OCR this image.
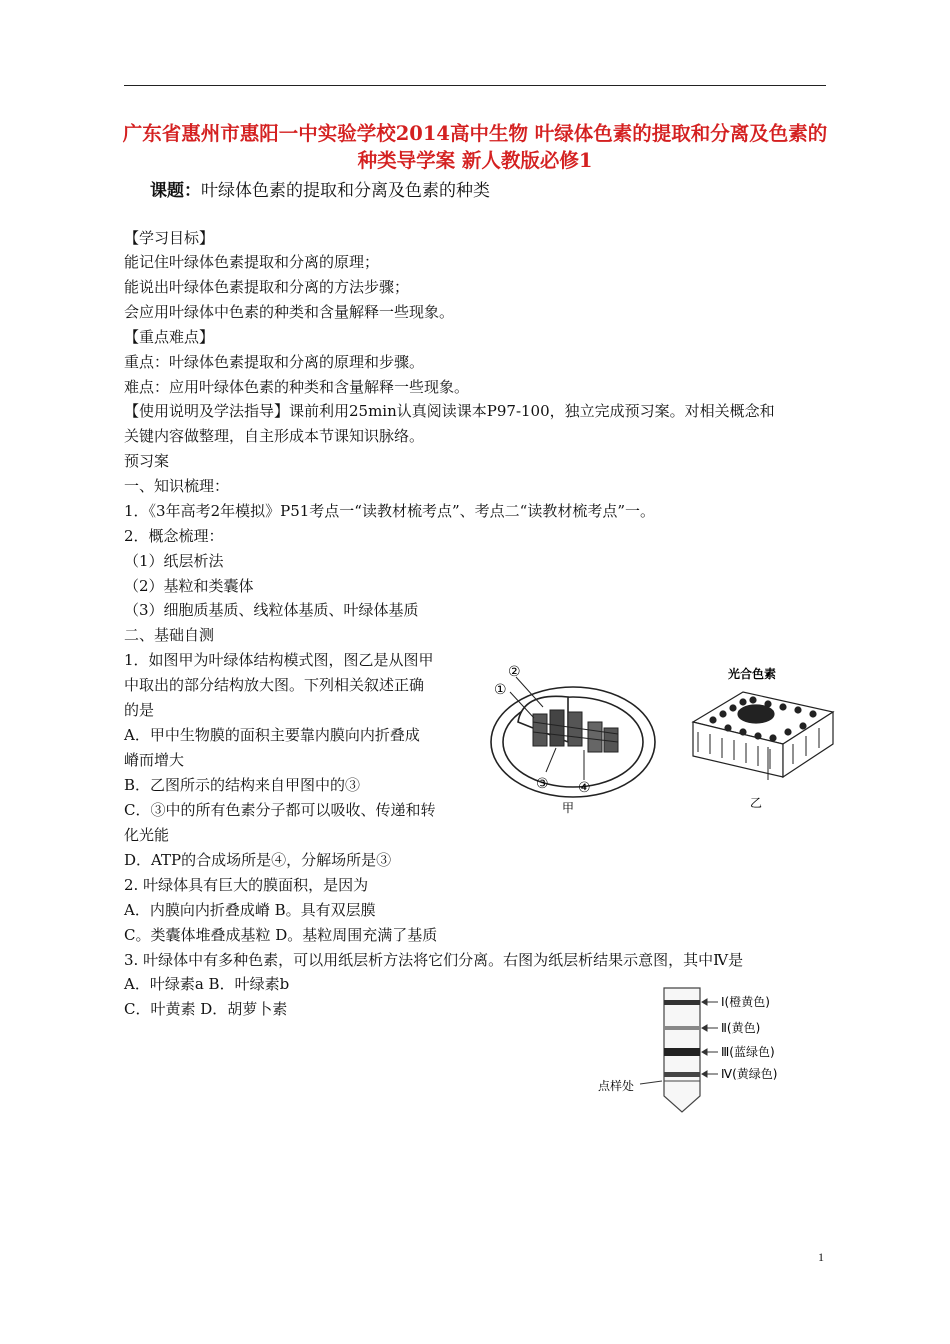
广东省惠州市惠阳一中实验学校2014高中生物 叶绿体色素的提取和分离及色素的种类导学案 新人教版必修1
课题：叶绿体色素的提取和分离及色素的种类
【学习目标】
能记住叶绿体色素提取和分离的原理；
能说出叶绿体色素提取和分离的方法步骤；
会应用叶绿体中色素的种类和含量解释一些现象。
【重点难点】
重点：叶绿体色素提取和分离的原理和步骤。
难点：应用叶绿体色素的种类和含量解释一些现象。
【使用说明及学法指导】课前利用25min认真阅读课本P97-100，独立完成预习案。对相关概念和
关键内容做整理，自主形成本节课知识脉络。
预习案
一、知识梳理：
1．《3年高考2年模拟》P51考点一“读教材梳考点”、考点二“读教材梳考点”一。
2．概念梳理：
（1）纸层析法
（2）基粒和类囊体
（3）细胞质基质、线粒体基质、叶绿体基质
二、基础自测
1．如图甲为叶绿体结构模式图，图乙是从图甲
中取出的部分结构放大图。下列相关叙述正确
的是
A．甲中生物膜的面积主要靠内膜向内折叠成
嵴而增大
B．乙图所示的结构来自甲图中的③
C．③中的所有色素分子都可以吸收、传递和转
化光能
D．ATP的合成场所是④，分解场所是③
2. 叶绿体具有巨大的膜面积，是因为
A．内膜向内折叠成嵴 B。具有双层膜
C。类囊体堆叠成基粒 D。基粒周围充满了基质
3. 叶绿体中有多种色素，可以用纸层析方法将它们分离。右图为纸层析结果示意图，其中Ⅳ是
A．叶绿素a B．叶绿素b
C．叶黄素 D．胡萝卜素
②
①
③ ④
甲
光合色素
乙
Ⅰ(橙黄色)
Ⅱ(黄色)
Ⅲ(蓝绿色)
Ⅳ(黄绿色)
点样处
1
